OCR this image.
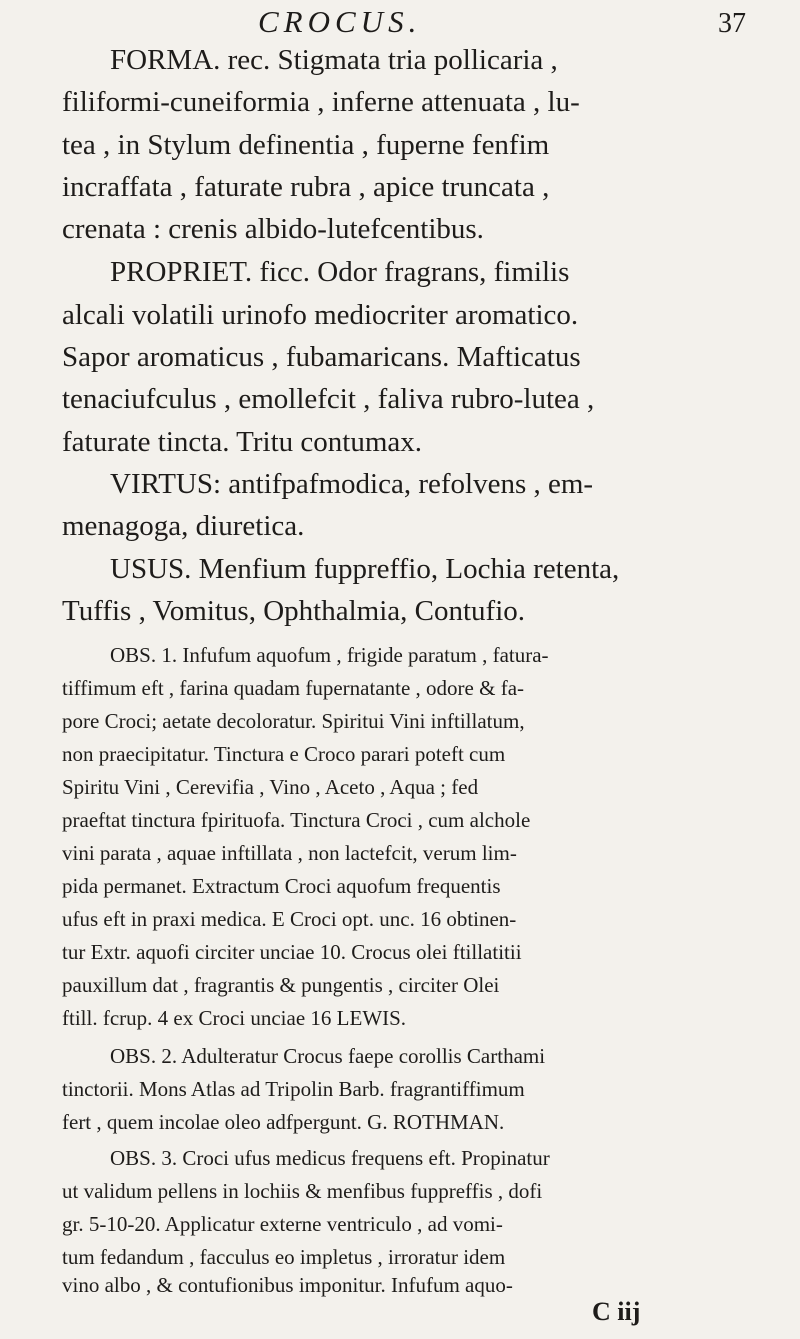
CROCUS.	37
FORMA. rec. Stigmata tria pollicaria ,
filiformi-cuneiformia , inferne attenuata , lu-
tea , in Stylum definentia , fuperne fenfim
incraffata , faturate rubra , apice truncata ,
crenata : crenis albido-lutefcentibus.
PROPRIET. ficc. Odor fragrans, fimilis
alcali volatili urinofo mediocriter aromatico.
Sapor aromaticus , fubamaricans. Mafticatus
tenaciufculus , emollefcit , faliva rubro-lutea ,
faturate tincta. Tritu contumax.
VIRTUS: antifpafmodica, refolvens , em-
menagoga, diuretica.
USUS. Menfium fuppreffio, Lochia retenta,
Tuffis , Vomitus, Ophthalmia, Contufio.
OBS. 1. Infufum aquofum , frigide paratum , fatura-
tiffimum eft , farina quadam fupernatante , odore & fa-
pore Croci; aetate decoloratur. Spiritui Vini inftillatum,
non praecipitatur. Tinctura e Croco parari poteft cum
Spiritu Vini , Cerevifia , Vino , Aceto , Aqua ; fed
praeftat tinctura fpirituofa. Tinctura Croci , cum alchole
vini parata , aquae inftillata , non lactefcit, verum lim-
pida permanet. Extractum Croci aquofum frequentis
ufus eft in praxi medica. E Croci opt. unc. 16 obtinen-
tur Extr. aquofi circiter unciae 10. Crocus olei ftillatitii
pauxillum dat , fragrantis & pungentis , circiter Olei
ftill. fcrup. 4 ex Croci unciae 16 LEWIS.
OBS. 2. Adulteratur Crocus faepe corollis Carthami
tinctorii. Mons Atlas ad Tripolin Barb. fragrantiffimum
fert , quem incolae oleo adfpergunt. G. ROTHMAN.
OBS. 3. Croci ufus medicus frequens eft. Propinatur
ut validum pellens in lochiis & menfibus fuppreffis , dofi
gr. 5-10-20. Applicatur externe ventriculo , ad vomi-
tum fedandum , facculus eo impletus , irroratur idem
vino albo , & contufionibus imponitur. Infufum aquo-
C iij
